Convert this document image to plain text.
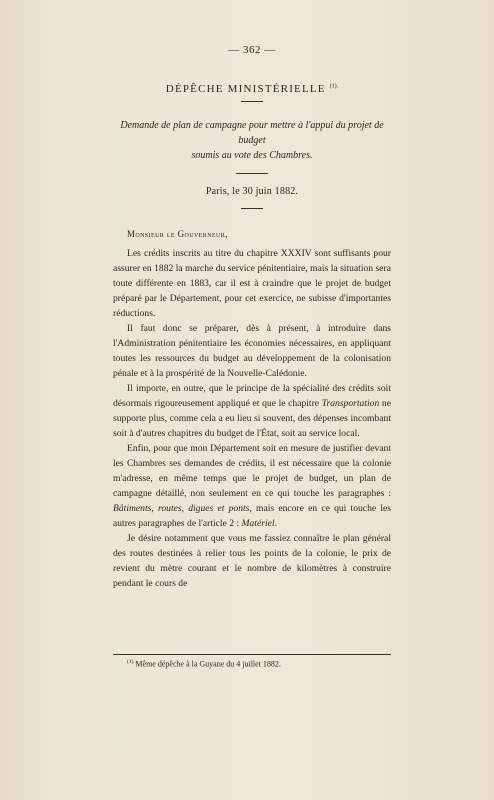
— 362 —

DÉPÊCHE MINISTÉRIELLE $^{(1).}$

Demande de plan de campagne pour mettre à l'appui du projet de budget
soumis au vote des Chambres.

Paris, le 30 juin 1882.

Monsieur le Gouverneur,

Les crédits inscrits au titre du chapitre XXXIV sont suffisants pour assurer en 1882 la marche du service pénitentiaire, mais la situation sera toute différente en 1883, car il est à craindre que le projet de budget préparé par le Département, pour cet exercice, ne subisse d'importantes réductions.

Il faut donc se préparer, dès à présent, à introduire dans l'Administration pénitentiaire les économies nécessaires, en appliquant toutes les ressources du budget au développement de la colonisation pénale et à la prospérité de la Nouvelle-Calédonie.

Il importe, en outre, que le principe de la spécialité des crédits soit désormais rigoureusement appliqué et que le chapitre Transportation ne supporte plus, comme cela a eu lieu si souvent, des dépenses incombant soit à d'autres chapitres du budget de l'État, soit au service local.

Enfin, pour que mon Département soit en mesure de justifier devant les Chambres ses demandes de crédits, il est nécessaire que la colonie m'adresse, en même temps que le projet de budget, un plan de campagne détaillé, non seulement en ce qui touche les paragraphes : Bâtiments, routes, digues et ponts, mais encore en ce qui touche les autres paragraphes de l'article 2 : Matériel.

Je désire notamment que vous me fassiez connaître le plan général des routes destinées à relier tous les points de la colonie, le prix de revient du mètre courant et le nombre de kilomètres à construire pendant le cours de

$^{(1)}$ Même dépêche à la Guyane du 4 juillet 1882.
